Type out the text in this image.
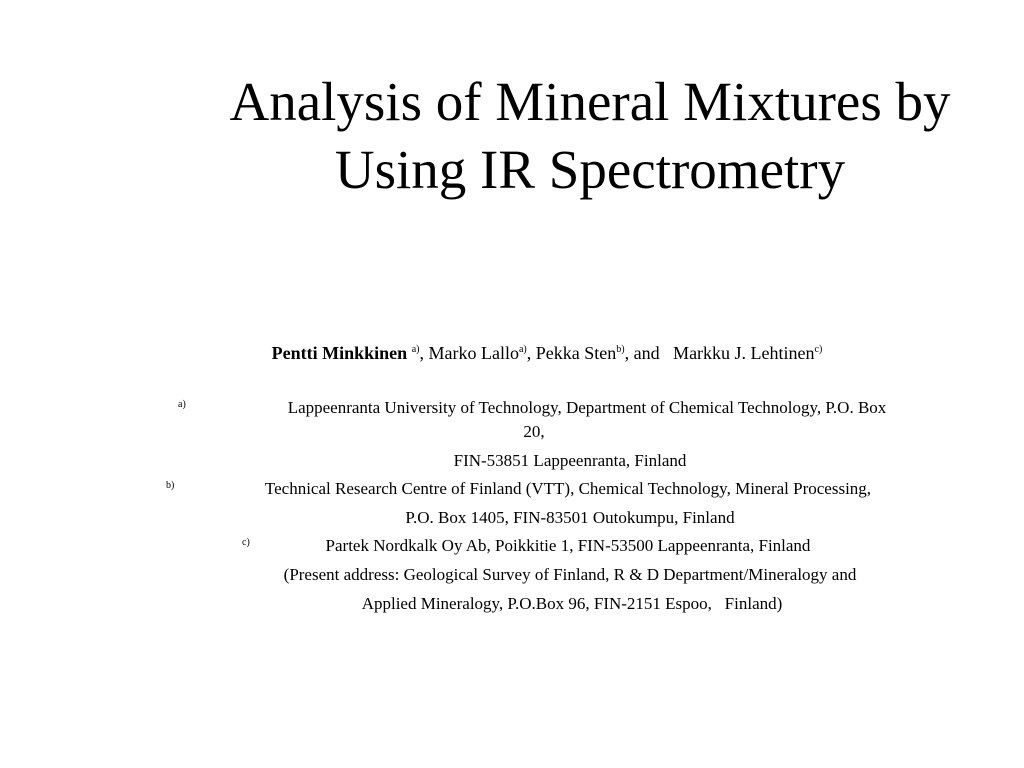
Analysis of Mineral Mixtures by
Using IR Spectrometry
Pentti Minkkinen $^{a)}$, Marko Lallo$^{a)}$, Pekka Sten$^{b)}$, and   Markku J. Lehtinen$^{c)}$
a)	Lappeenranta University of Technology, Department of Chemical Technology, P.O. Box
20,
FIN-53851 Lappeenranta, Finland
b)	Technical Research Centre of Finland (VTT), Chemical Technology, Mineral Processing,
P.O. Box 1405, FIN-83501 Outokumpu, Finland
c)	Partek Nordkalk Oy Ab, Poikkitie 1, FIN-53500 Lappeenranta, Finland
(Present address: Geological Survey of Finland, R & D Department/Mineralogy and
Applied Mineralogy, P.O.Box 96, FIN-2151 Espoo,   Finland)
